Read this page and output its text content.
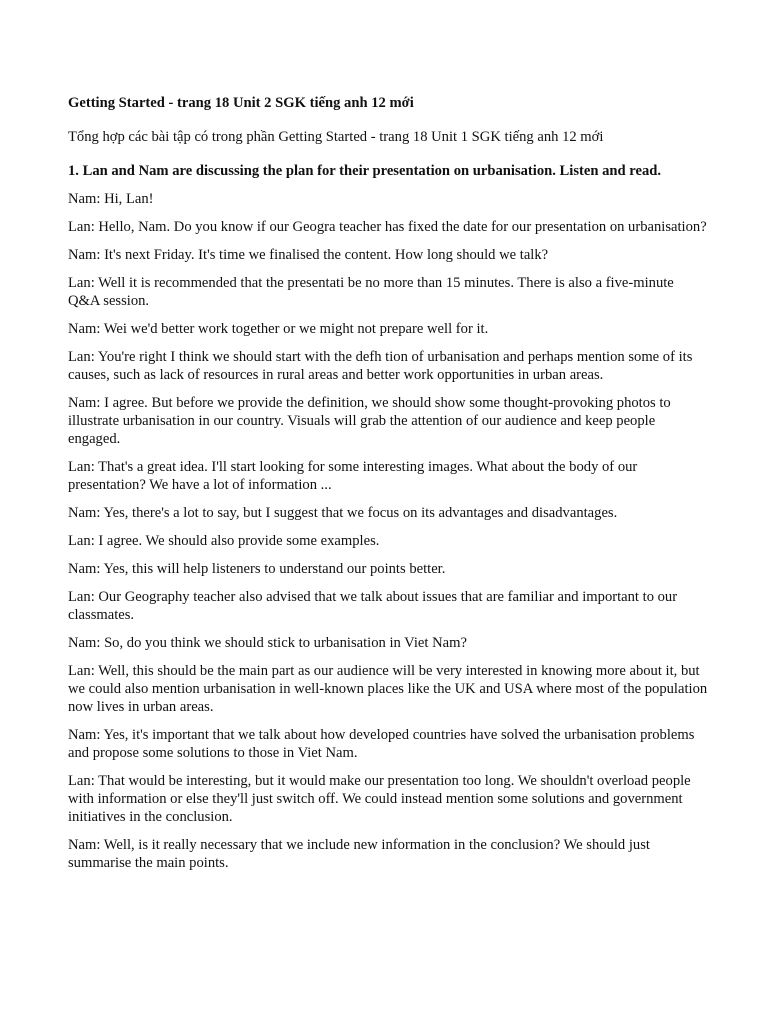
Getting Started - trang 18 Unit 2 SGK tiếng anh 12 mới

Tổng hợp các bài tập có trong phần Getting Started - trang 18 Unit 1 SGK tiếng anh 12 mới

1. Lan and Nam are discussing the plan for their presentation on urbanisation. Listen and read.

Nam: Hi, Lan!

Lan: Hello, Nam. Do you know if our Geogra teacher has fixed the date for our presentation on urbanisation?

Nam: It's next Friday. It's time we finalised the content. How long should we talk?

Lan: Well it is recommended that the presentati be no more than 15 minutes. There is also a five-minute Q&A session.

Nam: Wei we'd better work together or we might not prepare well for it.

Lan: You're right I think we should start with the defh tion of urbanisation and perhaps mention some of its causes, such as lack of resources in rural areas and better work opportunities in urban areas.

Nam: I agree. But before we provide the definition, we should show some thought-provoking photos to illustrate urbanisation in our country. Visuals will grab the attention of our audience and keep people engaged.

Lan: That's a great idea. I'll start looking for some interesting images. What about the body of our presentation? We have a lot of information ...

Nam: Yes, there's a lot to say, but I suggest that we focus on its advantages and disadvantages.

Lan: I agree. We should also provide some examples.

Nam: Yes, this will help listeners to understand our points better.

Lan: Our Geography teacher also advised that we talk about issues that are familiar and important to our classmates.

Nam: So, do you think we should stick to urbanisation in Viet Nam?

Lan: Well, this should be the main part as our audience will be very interested in knowing more about it, but we could also mention urbanisation in well-known places like the UK and USA where most of the population now lives in urban areas.

Nam: Yes, it's important that we talk about how developed countries have solved the urbanisation problems and propose some solutions to those in Viet Nam.

Lan: That would be interesting, but it would make our presentation too long. We shouldn't overload people with information or else they'll just switch off. We could instead mention some solutions and government initiatives in the conclusion.

Nam: Well, is it really necessary that we include new information in the conclusion? We should just summarise the main points.
